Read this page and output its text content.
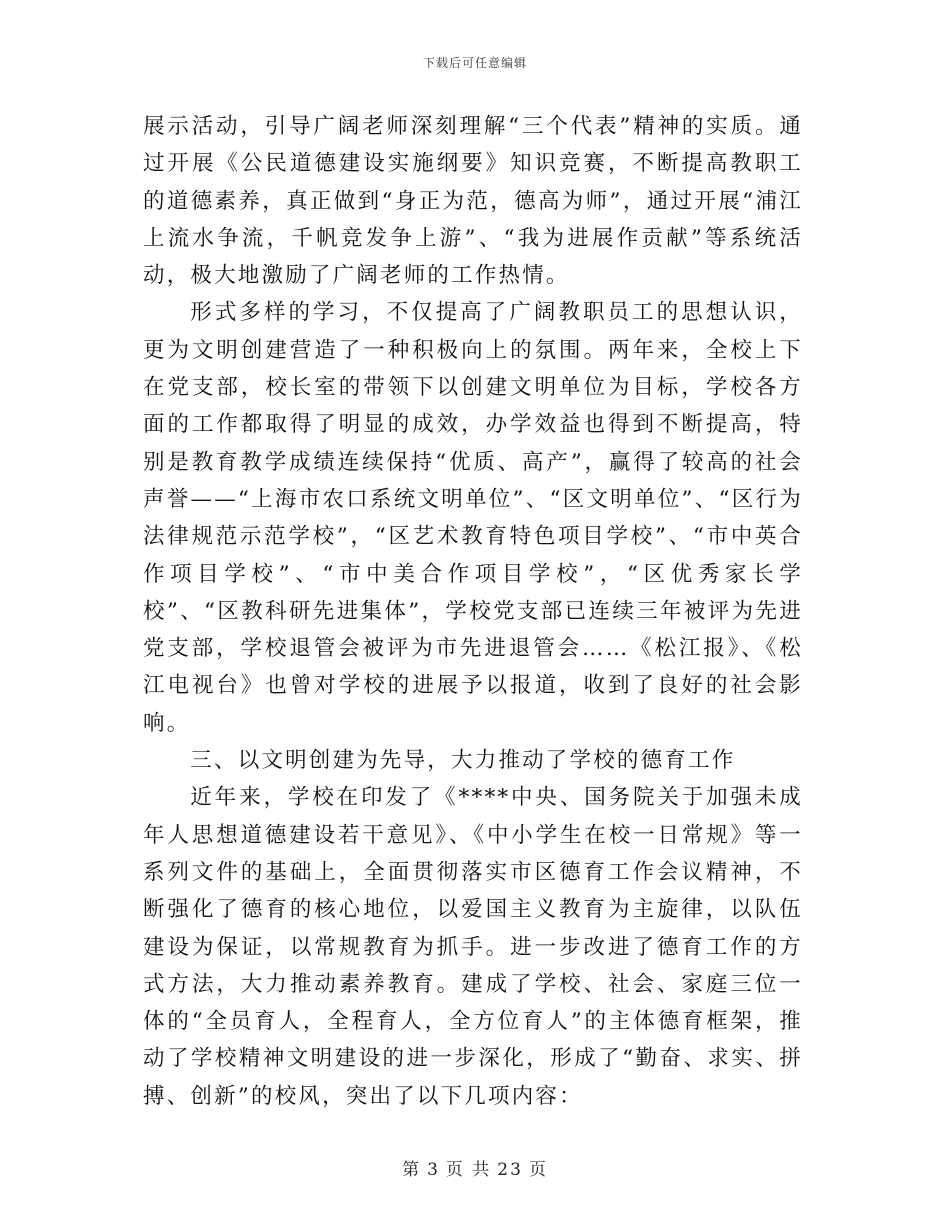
下载后可任意编辑

展示活动，引导广阔老师深刻理解“三个代表”精神的实质。通过开展《公民道德建设实施纲要》知识竞赛，不断提高教职工的道德素养，真正做到“身正为范，德高为师”，通过开展“浦江上流水争流，千帆竞发争上游”、“我为进展作贡献”等系统活动，极大地激励了广阔老师的工作热情。

形式多样的学习，不仅提高了广阔教职员工的思想认识，更为文明创建营造了一种积极向上的氛围。两年来，全校上下在党支部，校长室的带领下以创建文明单位为目标，学校各方面的工作都取得了明显的成效，办学效益也得到不断提高，特别是教育教学成绩连续保持“优质、高产”，赢得了较高的社会声誉——“上海市农口系统文明单位”、“区文明单位”、“区行为法律规范示范学校”，“区艺术教育特色项目学校”、“市中英合作项目学校”、“市中美合作项目学校”，“区优秀家长学校”、“区教科研先进集体”，学校党支部已连续三年被评为先进党支部，学校退管会被评为市先进退管会……《松江报》、《松江电视台》也曾对学校的进展予以报道，收到了良好的社会影响。

三、以文明创建为先导，大力推动了学校的德育工作

近年来，学校在印发了《****中央、国务院关于加强未成年人思想道德建设若干意见》、《中小学生在校一日常规》等一系列文件的基础上，全面贯彻落实市区德育工作会议精神，不断强化了德育的核心地位，以爱国主义教育为主旋律，以队伍建设为保证，以常规教育为抓手。进一步改进了德育工作的方式方法，大力推动素养教育。建成了学校、社会、家庭三位一体的“全员育人，全程育人，全方位育人”的主体德育框架，推动了学校精神文明建设的进一步深化，形成了“勤奋、求实、拼搏、创新”的校风，突出了以下几项内容：

第 3 页 共 23 页
